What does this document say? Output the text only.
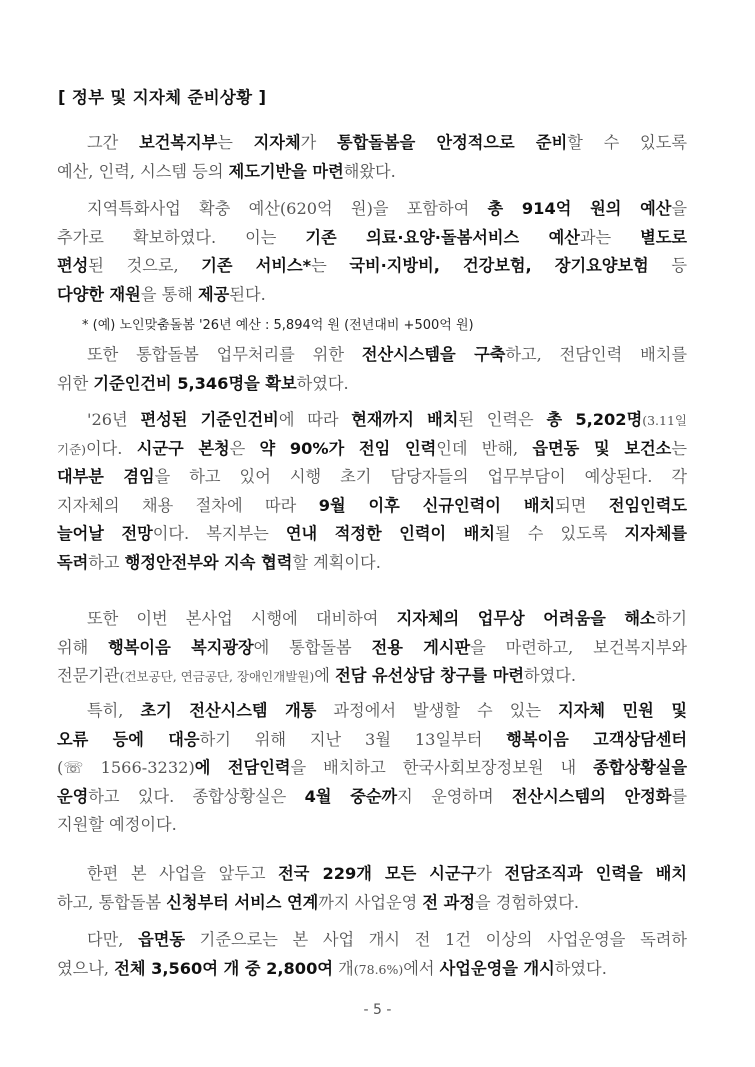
[ 정부 및 지자체 준비상황 ]
그간 보건복지부는 지자체가 통합돌봄을 안정적으로 준비할 수 있도록
예산, 인력, 시스템 등의 제도기반을 마련해왔다.
지역특화사업 확충 예산(620억 원)을 포함하여 총 914억 원의 예산을
추가로 확보하였다. 이는 기존 의료·요양·돌봄서비스 예산과는 별도로
편성된 것으로, 기존 서비스*는 국비·지방비, 건강보험, 장기요양보험 등
다양한 재원을 통해 제공된다.
* (예) 노인맞춤돌봄 '26년 예산 : 5,894억 원 (전년대비 +500억 원)
또한 통합돌봄 업무처리를 위한 전산시스템을 구축하고, 전담인력 배치를
위한 기준인건비 5,346명을 확보하였다.
'26년 편성된 기준인건비에 따라 현재까지 배치된 인력은 총 5,202명(3.11일
기준)이다. 시군구 본청은 약 90%가 전임 인력인데 반해, 읍면동 및 보건소는
대부분 겸임을 하고 있어 시행 초기 담당자들의 업무부담이 예상된다. 각
지자체의 채용 절차에 따라 9월 이후 신규인력이 배치되면 전임인력도
늘어날 전망이다. 복지부는 연내 적정한 인력이 배치될 수 있도록 지자체를
독려하고 행정안전부와 지속 협력할 계획이다.
또한 이번 본사업 시행에 대비하여 지자체의 업무상 어려움을 해소하기
위해 행복이음 복지광장에 통합돌봄 전용 게시판을 마련하고, 보건복지부와
전문기관(건보공단, 연금공단, 장애인개발원)에 전담 유선상담 창구를 마련하였다.
특히, 초기 전산시스템 개통 과정에서 발생할 수 있는 지자체 민원 및
오류 등에 대응하기 위해 지난 3월 13일부터 행복이음 고객상담센터
(☏ 1566-3232)에 전담인력을 배치하고 한국사회보장정보원 내 종합상황실을
운영하고 있다. 종합상황실은 4월 중순까지 운영하며 전산시스템의 안정화를
지원할 예정이다.
한편 본 사업을 앞두고 전국 229개 모든 시군구가 전담조직과 인력을 배치
하고, 통합돌봄 신청부터 서비스 연계까지 사업운영 전 과정을 경험하였다.
다만, 읍면동 기준으로는 본 사업 개시 전 1건 이상의 사업운영을 독려하
였으나, 전체 3,560여 개 중 2,800여 개(78.6%)에서 사업운영을 개시하였다.
- 5 -
